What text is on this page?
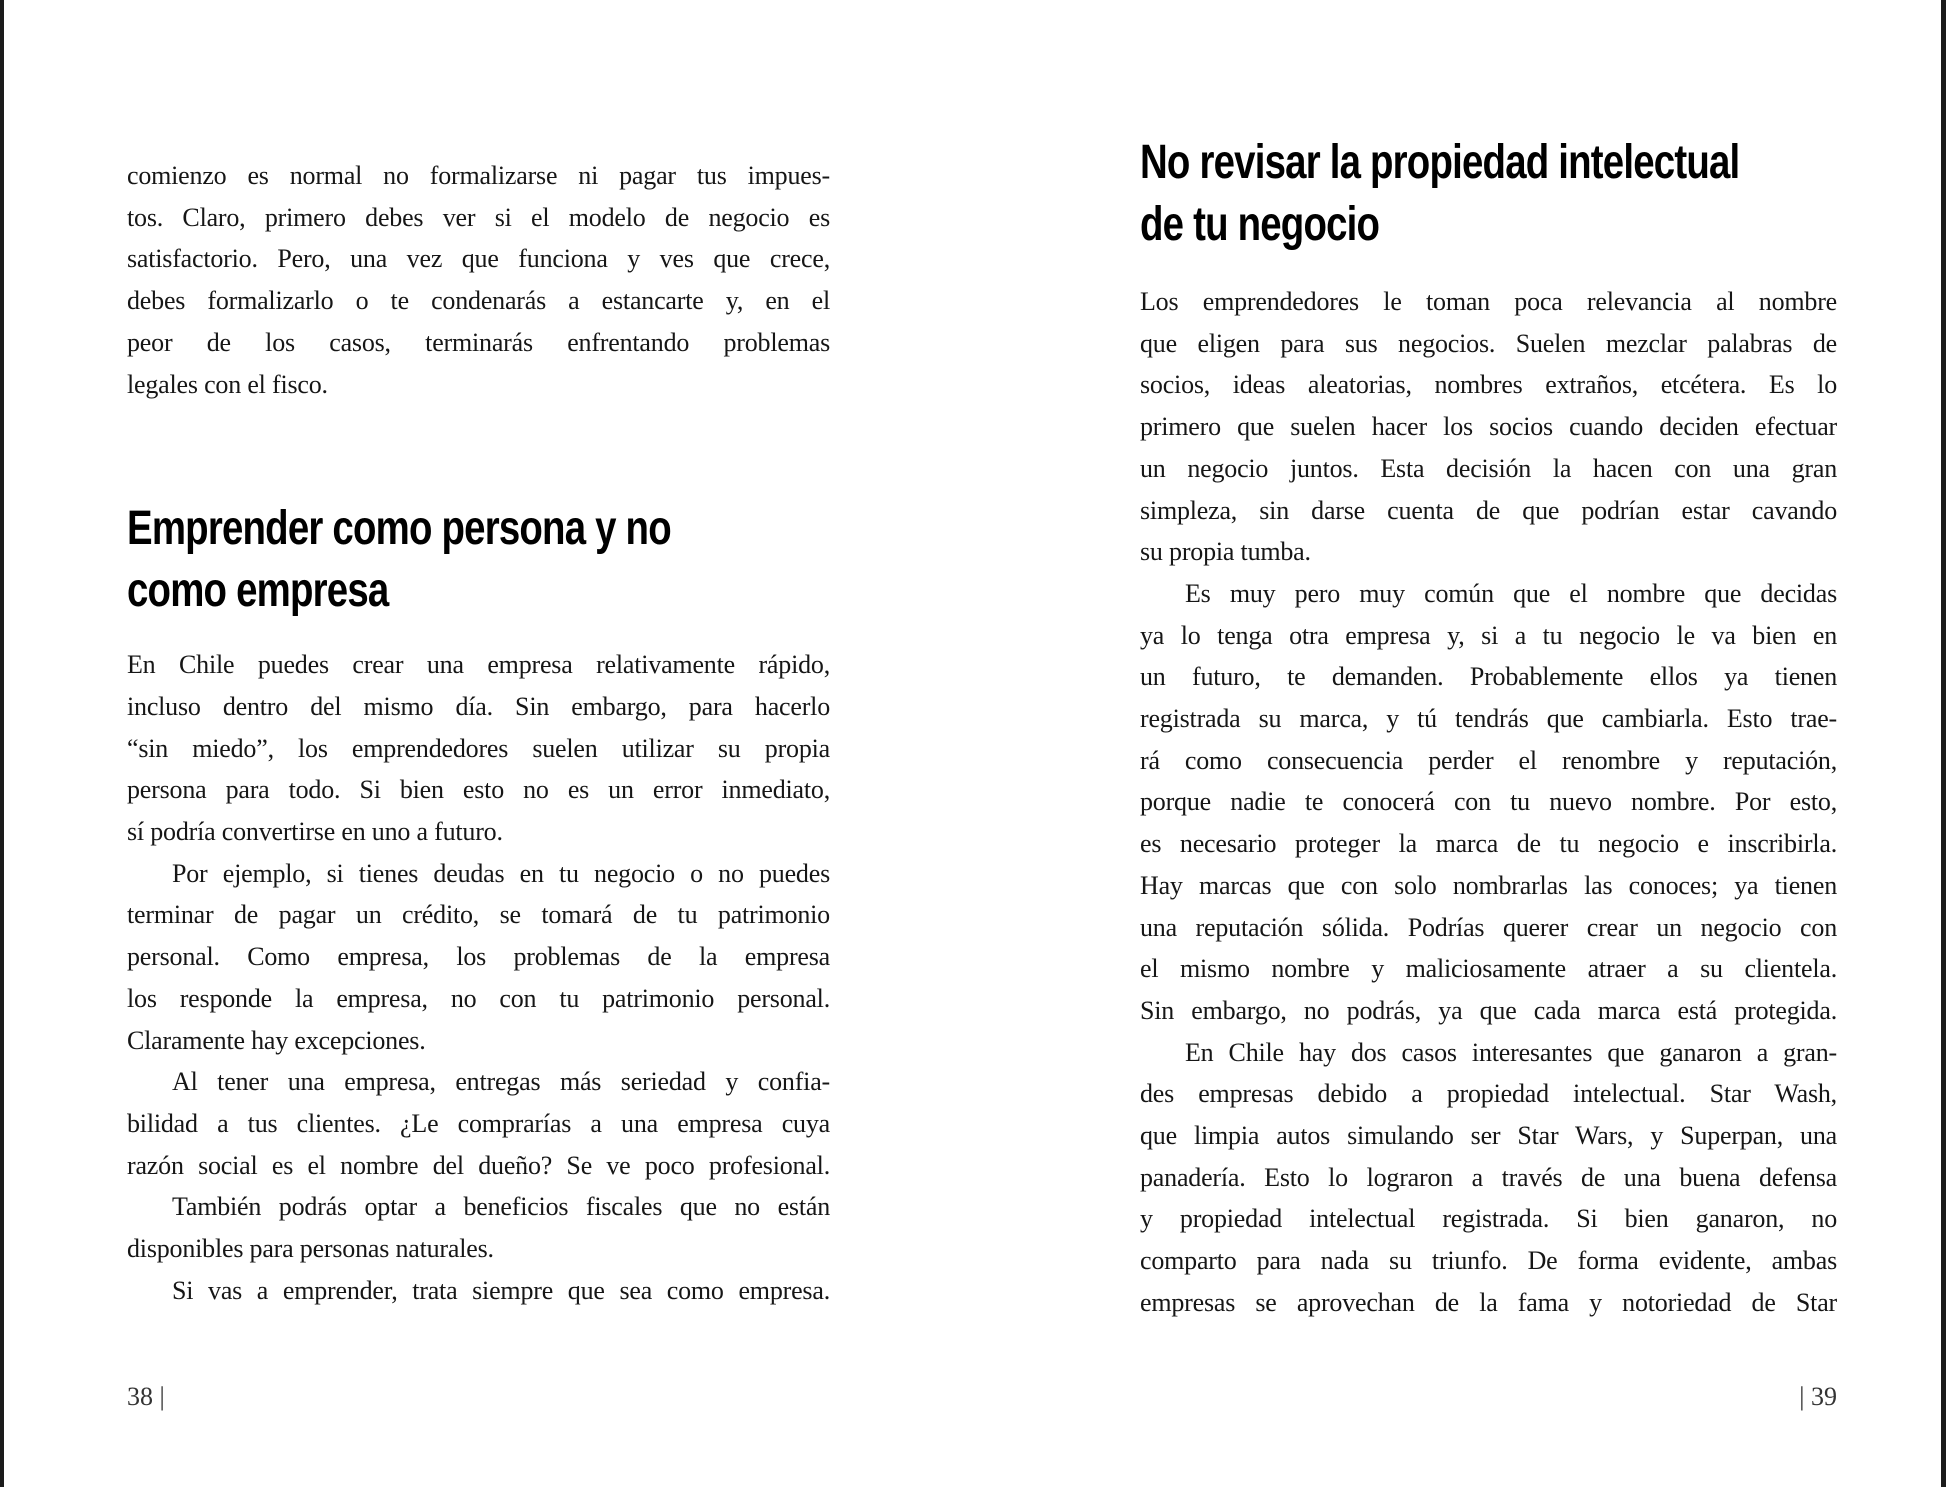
comienzo es normal no formalizarse ni pagar tus impues-
tos. Claro, primero debes ver si el modelo de negocio es
satisfactorio. Pero, una vez que funciona y ves que crece,
debes formalizarlo o te condenarás a estancarte y, en el
peor de los casos, terminarás enfrentando problemas
legales con el fisco.
Emprender como persona y no
como empresa
En Chile puedes crear una empresa relativamente rápido,
incluso dentro del mismo día. Sin embargo, para hacerlo
“sin miedo”, los emprendedores suelen utilizar su propia
persona para todo. Si bien esto no es un error inmediato,
sí podría convertirse en uno a futuro.
Por ejemplo, si tienes deudas en tu negocio o no puedes
terminar de pagar un crédito, se tomará de tu patrimonio
personal. Como empresa, los problemas de la empresa
los responde la empresa, no con tu patrimonio personal.
Claramente hay excepciones.
Al tener una empresa, entregas más seriedad y confia-
bilidad a tus clientes. ¿Le comprarías a una empresa cuya
razón social es el nombre del dueño? Se ve poco profesional.
También podrás optar a beneficios fiscales que no están
disponibles para personas naturales.
Si vas a emprender, trata siempre que sea como empresa.
No revisar la propiedad intelectual
de tu negocio
Los emprendedores le toman poca relevancia al nombre
que eligen para sus negocios. Suelen mezclar palabras de
socios, ideas aleatorias, nombres extraños, etcétera. Es lo
primero que suelen hacer los socios cuando deciden efectuar
un negocio juntos. Esta decisión la hacen con una gran
simpleza, sin darse cuenta de que podrían estar cavando
su propia tumba.
Es muy pero muy común que el nombre que decidas
ya lo tenga otra empresa y, si a tu negocio le va bien en
un futuro, te demanden. Probablemente ellos ya tienen
registrada su marca, y tú tendrás que cambiarla. Esto trae-
rá como consecuencia perder el renombre y reputación,
porque nadie te conocerá con tu nuevo nombre. Por esto,
es necesario proteger la marca de tu negocio e inscribirla.
Hay marcas que con solo nombrarlas las conoces; ya tienen
una reputación sólida. Podrías querer crear un negocio con
el mismo nombre y maliciosamente atraer a su clientela.
Sin embargo, no podrás, ya que cada marca está protegida.
En Chile hay dos casos interesantes que ganaron a gran-
des empresas debido a propiedad intelectual. Star Wash,
que limpia autos simulando ser Star Wars, y Superpan, una
panadería. Esto lo lograron a través de una buena defensa
y propiedad intelectual registrada. Si bien ganaron, no
comparto para nada su triunfo. De forma evidente, ambas
empresas se aprovechan de la fama y notoriedad de Star
38 |	| 39
